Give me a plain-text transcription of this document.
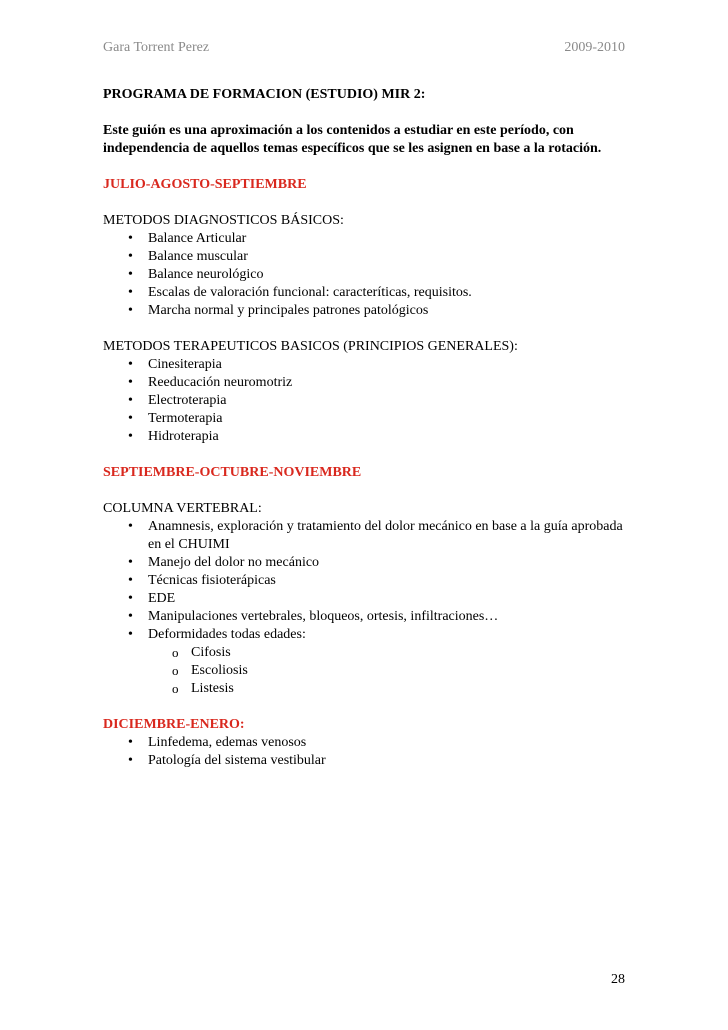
Gara Torrent Perez	2009-2010

PROGRAMA DE FORMACION (ESTUDIO) MIR 2:

Este guión es una aproximación a los contenidos a estudiar en este período, con independencia de aquellos temas específicos que se les asignen en base a la rotación.

JULIO-AGOSTO-SEPTIEMBRE

METODOS DIAGNOSTICOS BÁSICOS:

• Balance Articular
• Balance muscular
• Balance neurológico
• Escalas de valoración funcional: caracteríticas, requisitos.
• Marcha normal y principales patrones patológicos

METODOS TERAPEUTICOS BASICOS (PRINCIPIOS GENERALES):

• Cinesiterapia
• Reeducación neuromotriz
• Electroterapia
• Termoterapia
• Hidroterapia

SEPTIEMBRE-OCTUBRE-NOVIEMBRE

COLUMNA VERTEBRAL:

• Anamnesis, exploración y tratamiento del dolor mecánico en base a la guía aprobada en el CHUIMI
• Manejo del dolor no mecánico
• Técnicas fisioterápicas
• EDE
• Manipulaciones vertebrales, bloqueos, ortesis, infiltraciones…
• Deformidades todas edades:
o Cifosis
o Escoliosis
o Listesis

DICIEMBRE-ENERO:

• Linfedema, edemas venosos
• Patología del sistema vestibular
28
